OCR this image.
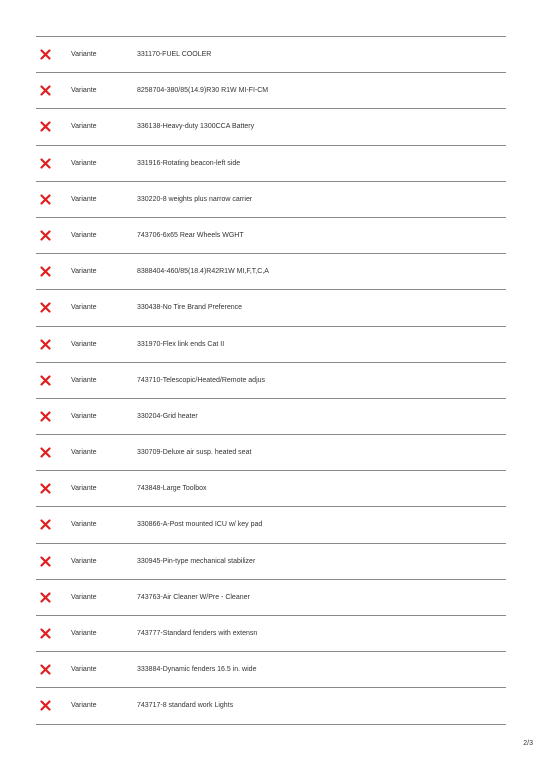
Variante	331170-FUEL COOLER
Variante	8258704-380/85(14.9)R30 R1W MI-FI-CM
Variante	336138-Heavy-duty 1300CCA Battery
Variante	331916-Rotating beacon-left side
Variante	330220-8 weights plus narrow carrier
Variante	743706-6x65 Rear Wheels WGHT
Variante	8388404-460/85(18.4)R42R1W MI,F,T,C,A
Variante	330438-No Tire Brand Preference
Variante	331970-Flex link ends Cat II
Variante	743710-Telescopic/Heated/Remote adjus
Variante	330204-Grid heater
Variante	330709-Deluxe air susp. heated seat
Variante	743848-Large Toolbox
Variante	330866-A-Post mounted ICU w/ key pad
Variante	330945-Pin-type mechanical stabilizer
Variante	743763-Air Cleaner W/Pre - Cleaner
Variante	743777-Standard fenders with extensn
Variante	333884-Dynamic fenders 16.5 in. wide
Variante	743717-8 standard work Lights
2/3
